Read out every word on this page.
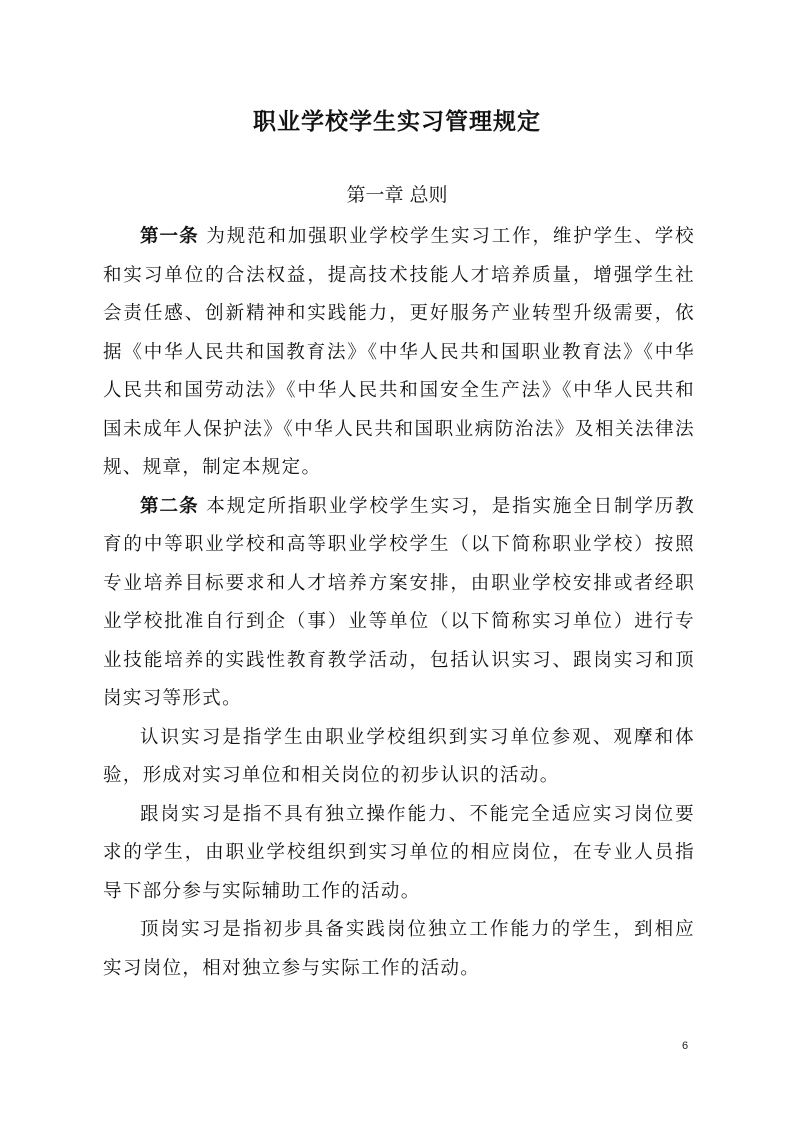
职业学校学生实习管理规定
第一章 总则

第一条 为规范和加强职业学校学生实习工作，维护学生、学校和实习单位的合法权益，提高技术技能人才培养质量，增强学生社会责任感、创新精神和实践能力，更好服务产业转型升级需要，依据《中华人民共和国教育法》《中华人民共和国职业教育法》《中华人民共和国劳动法》《中华人民共和国安全生产法》《中华人民共和国未成年人保护法》《中华人民共和国职业病防治法》及相关法律法规、规章，制定本规定。

第二条 本规定所指职业学校学生实习，是指实施全日制学历教育的中等职业学校和高等职业学校学生（以下简称职业学校）按照专业培养目标要求和人才培养方案安排，由职业学校安排或者经职业学校批准自行到企（事）业等单位（以下简称实习单位）进行专业技能培养的实践性教育教学活动，包括认识实习、跟岗实习和顶岗实习等形式。

认识实习是指学生由职业学校组织到实习单位参观、观摩和体验，形成对实习单位和相关岗位的初步认识的活动。

跟岗实习是指不具有独立操作能力、不能完全适应实习岗位要求的学生，由职业学校组织到实习单位的相应岗位，在专业人员指导下部分参与实际辅助工作的活动。

顶岗实习是指初步具备实践岗位独立工作能力的学生，到相应实习岗位，相对独立参与实际工作的活动。

6
